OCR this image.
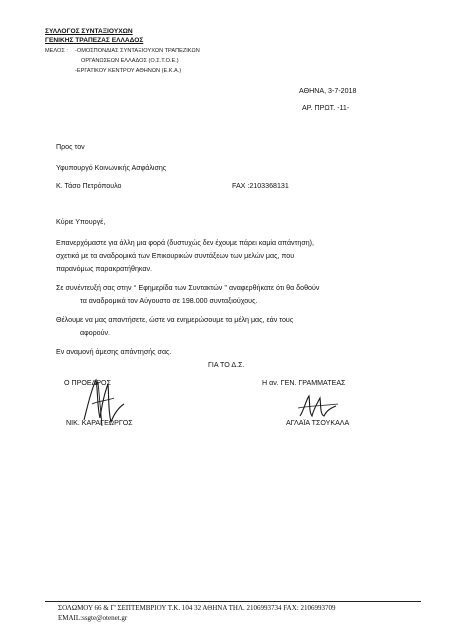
ΣΥΛΛΟΓΟΣ ΣΥΝΤΑΞΙΟΥΧΩΝ
ΓΕΝΙΚΗΣ ΤΡΑΠΕΖΑΣ ΕΛΛΑΔΟΣ
ΜΕΛΟΣ : -ΟΜΟΣΠΟΝΔΙΑΣ ΣΥΝΤΑΞΙΟΥΧΩΝ ΤΡΑΠΕΖΙΚΩΝ
ΟΡΓΑΝΩΣΕΩΝ ΕΛΛΑΔΟΣ (Ο.Σ.Τ.Ο.Ε.)
-ΕΡΓΑΤΙΚΟΥ ΚΕΝΤΡΟΥ ΑΘΗΝΩΝ (Ε.Κ.Α.)
ΑΘΗΝΑ, 3-7-2018
ΑΡ. ΠΡΩΤ. -11-
Προς τον
Υφυπουργό Κοινωνικής Ασφάλισης
Κ. Τάσο Πετρόπουλο	FAX :2103368131
Κύριε Υπουργέ,
Επανερχόμαστε για άλλη μια φορά (δυστυχώς δεν έχουμε πάρει καμία απάντηση),
σχετικά με τα αναδρομικά των Επικουρικών συντάξεων των μελών μας, που
παρανόμως παρακρατήθηκαν.
Σε συνέντευξή σας στην ‘‘ Εφημερίδα των Συντακτών ’’ αναφερθήκατε ότι θα δοθούν
τα αναδρομικά τον Αύγουστο σε 198.000 συνταξιούχους.
Θέλουμε να μας απαντήσετε, ώστε να ενημερώσουμε τα μέλη μας, εάν τους
αφορούν.
Εν αναμονή άμεσης απάντησής σας.
ΓΙΑ ΤΟ Δ.Σ.
Ο ΠΡΟΕΔΡΟΣ
ΝΙΚ. ΚΑΡΑΓΕΩΡΓΟΣ
Η αν. ΓΕΝ. ΓΡΑΜΜΑΤΕΑΣ
ΑΓΛΑΪΑ ΤΣΟΥΚΑΛΑ
ΣΟΛΩΜΟΥ 66 & Γ' ΣΕΠΤΕΜΒΡΙΟΥ Τ.Κ. 104 32 ΑΘΗΝΑ ΤΗΛ. 2106993734 FAX: 2106993709
EMAIL:ssgte@otenet.gr
